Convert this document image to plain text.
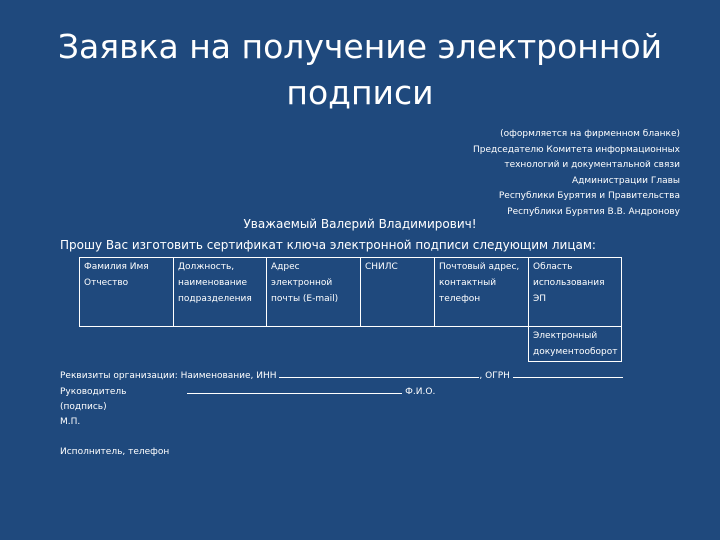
Заявка на получение электронной подписи
(оформляется на фирменном бланке)
Председателю Комитета информационных
технологий и документальной связи
Администрации Главы
Республики Бурятия и Правительства
Республики Бурятия В.В. Андронову
Уважаемый Валерий Владимирович!
Прошу Вас изготовить сертификат ключа электронной подписи следующим лицам:
Фамилия Имя Отчество	Должность, наименование подразделения	Адрес электронной почты (E-mail)	СНИЛС	Почтовый адрес, контактный телефон	Область использования ЭП
					Электронный документооборот
Реквизиты организации: Наименование, ИНН	, ОГРН
Руководитель	Ф.И.О.
(подпись)
М.П.
Исполнитель, телефон
